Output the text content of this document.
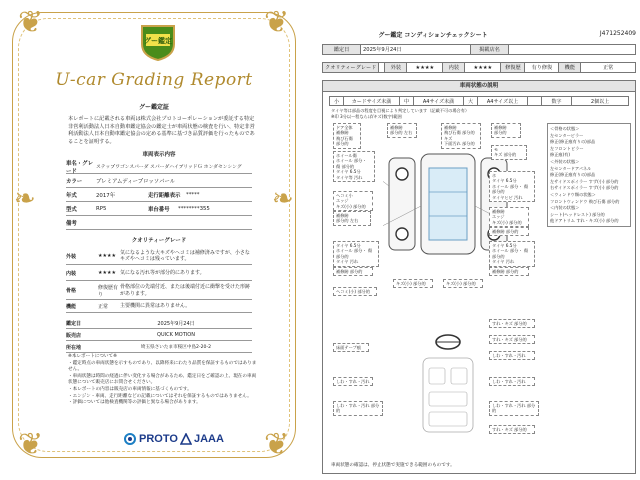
❦	❦
❦	❦
❧	❧
グー鑑定
U-car Grading Report
グー鑑定証
本レポートに記載される車両は株式会社プロトコーポレーションが委託する特定非営利活動法人日本自動車鑑定協会の鑑定士が車両状態の検査を行い、特定非営利活動法人日本自動車鑑定協会の定める基準に基づき品質評価を行ったものであることを証明する。
車両表示内容
車名・グレード
ステップワゴンスパーダ スパーダハイブリッドＧ ホンダセンシング
カラー	プレミアムディープロッソパール
年式	2017年	走行距離表示	*****
型式	RP5	車台番号	********355
備考
クオリティーグレード
外装	★★★★
気になるような大キズやヘコミは補修済みですが、小さなキズやヘコミは残っています。
内装	★★★★ 気になる汚れ等が部分的にあります。
骨格
修復歴有り
骨格部位の先端付近、または後端付近に衝撃を受けた形跡があります。
機能	正常	主要機関に異常はありません。
鑑定日	2025年9月24日
販売店	QUICK MOTION
所在地	埼玉県さいたま市桜区中島2-20-2
※本レポートについて※
・鑑定時点の車両状態を示すものであり、以降将来にわたり品質を保証するものではありません。
・車両状態は時間の経過に伴い変化する場合があるため、鑑定日をご確認の上、現在の車両状態について販売店にお問合せください。
・本レポートの内容は販売店の車両情報に基づくものです。
・エンジン・車両、走行距離などの記載についてはそれを保証するものではありません。
・評価については他検査機関等の評価と異なる場合があります。
PROTO JAAA
J471252409
グー鑑定 コンディションチェックシート
鑑定日	2025年9月24日	掲載店名	
クオリティーグレード		外装	★★★★	内装	★★★★	修復歴	有り修復	機能	正常
車両状態の説明
小	カードサイズ未満	中	A4サイズ未満	大	A4サイズ以上		数字	2個以上
タイヤ等は部品の程度を目視により判定しています（記載不可の場合有）
※印 3分以～程ならば/キズ(数字)範囲
ドア全体
補修跡
飛び石傷 部分的
補修跡
部分的 左右
補修跡
飛び石傷 部分的
キズ
下面汚れ 部分的
補修跡
部分的
モ
キズ 部分的
ホイール傷
ホイール 部分・ 傷 部分的
タイヤ 6.5分
タイヤ等 汚れ	ホ
タイヤ 6.5分
ホイール 部分・ 傷 部分的
タイヤヒビ 汚れ
ヘコミ小
エッジ
キズ(小) 部分的
補修跡
エッジ
キズ(小) 部分的
補修跡
部分的 左右
補修跡 部分的
タイヤ 6.5分
ホイール 部分・ 傷 部分的
タイヤ 汚れ
タイヤ 6.5分
ホイール 部分・ 傷 部分的
タイヤ 汚れ
補修跡 部分的	補修跡 部分的
キズ(小) 部分的	キズ(小) 部分的
ヘコミ(小) 部分的
すれ・キズ 部分的
すれ・キズ 部分的
床面テープ痕
しわ・すれ・汚れ
しわ・すれ・汚れ	しわ・すれ・汚れ
しわ・すれ・汚れ 部分的
しわ・すれ・汚れ 部分的
すれ・キズ 部分的
＜骨格の状態＞
左センターピラー
修正(修正痕有りの)部品
左フロントピラー
修正痕(有)
＜外装の状態＞
左センタードアパネル
修正(修正痕有りの)部品
左サイドスポイラー すず(小) 部分的
右サイドスポイラー すず(小) 部分的
＜ウィンドウ類の状態＞
フロントウィンドウ 飛び石傷 部分的
＜内装の状態＞
シート(ヘッドレスト) 部分的
他ドアトリム すれ・キズ(小) 部分的
車両状態の確認は、停止状態で実施できる範囲のものです。
